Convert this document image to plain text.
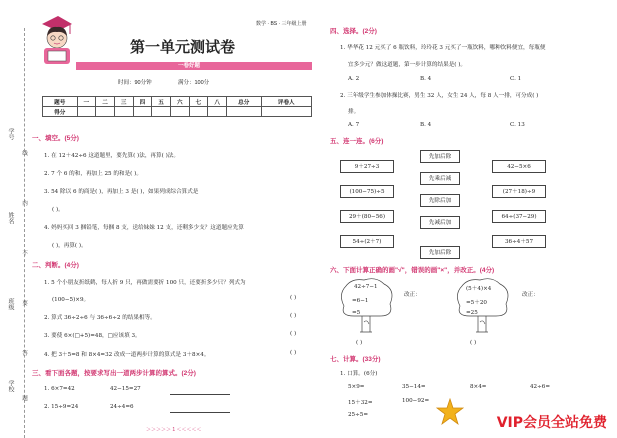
学号
姓名
班级
学校
线
内
不
要
答
题
数学 · BS · 三年级上册
第一单元测试卷
一卷好题
时间：90分钟	满分：100分
题号	一	二	三	四	五	六	七	八	总分	评卷人
得分										
一、填空。(5分)
1. 在 12＋42÷6 这道题里，要先算( )法，再算( )法。
2. 7 个 6 的和，再加上 25 的和是( )。
3. 54 除以 6 的商是( )，再加上 3 是( )，如果列成综合算式是
( )。
4. 妈妈买回 3 捆铅笔，每捆 8 支，送给妹妹 12 支，还剩多少支？这道题应先算
( )，再算( )。
二、判断。(4分)
1. 5 个小朋友折纸鹤，每人折 9 只，再做需要折 100 只，还要折多少只？列式为
(100−5)×9。	( )
2. 算式 36÷2÷6 与 36÷6÷2 的结果相等。	( )
3. 要使 6×(□+5)=48，□应该填 3。	( )
4. 把 3＋5=8 和 8×4=32 改成一道两步计算的算式是 3＋8×4。	( )
三、看下面各题，按要求写出一道两步计算的算式。(2分)
1. 6×7=42	42−15=27
2. 15÷9=24	24÷4=6
＞＞＞＞＞ 1 ＜＜＜＜＜
四、选择。(2分)
1. 华华花 12 元买了 6 瓶饮料，玲玲花 3 元买了一瓶饮料，哪种饮料便宜，每瓶便
宜多少元？做这道题，第一步计算的结果是( )。
A. 2	B. 4	C. 1
2. 三年级学生参加体操比赛，男生 32 人，女生 24 人，每 8 人一排，可分成( )
排。
A. 7	B. 4	C. 13
五、连一连。(6分)
9＋27÷3
(100−75)÷5
29＋(80−56)
54÷(2＋7)
先加后除
先乘后减
先除后加
先减后加
先加后除
42−5×6
(27＋18)÷9
64÷(37−29)
36÷4＋57
六、下面计算正确的画"√"，错误的画"×"，并改正。(4分)
42÷7−1
=6−1
=5
改正：
( )
(5＋4)×4
=5＋20
=25
改正：
( )
七、计算。(33分)
1. 口算。(6分)
5×9=	35−14=	8×4=	42÷6=
15＋32=	100−92=
25÷5=	VIP会员全站免费
